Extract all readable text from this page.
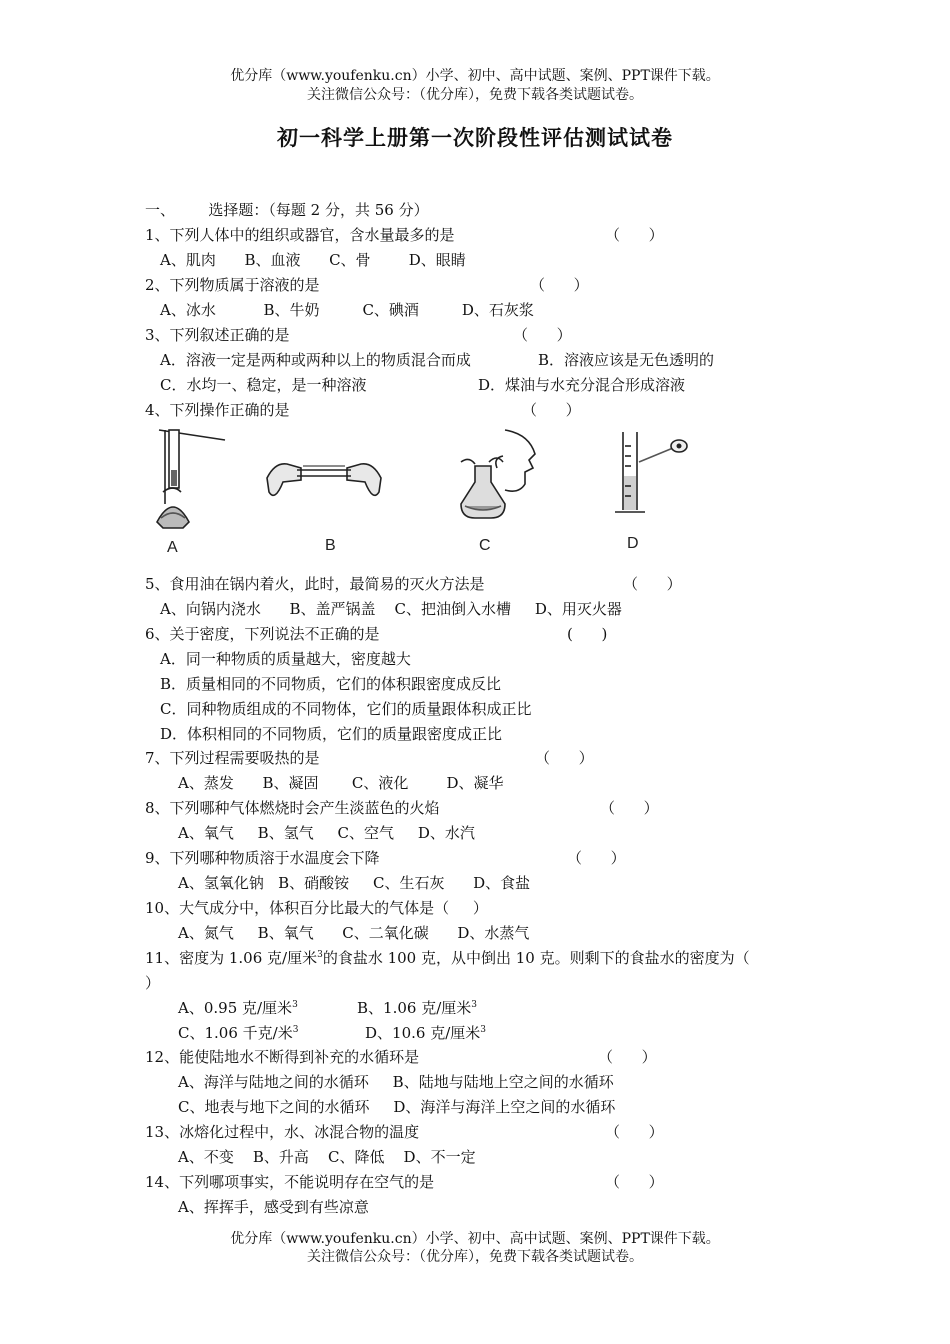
优分库（www.youfenku.cn）小学、初中、高中试题、案例、PPT课件下载。
关注微信公众号：（优分库），免费下载各类试题试卷。
初一科学上册第一次阶段性评估测试试卷
一、       选择题：（每题 2 分，共 56 分）
1、下列人体中的组织或器官，含水量最多的是	（      ）
A、肌肉      B、血液      C、骨        D、眼睛
2、下列物质属于溶液的是	（      ）
A、冰水          B、牛奶         C、碘酒         D、石灰浆
3、下列叙述正确的是	（      ）
A．溶液一定是两种或两种以上的物质混合而成	B．溶液应该是无色透明的
C．水均一、稳定，是一种溶液	D．煤油与水充分混合形成溶液
4、下列操作正确的是	（      ）
A	B	C	D
5、食用油在锅内着火，此时，最简易的灭火方法是	（      ）
A、向锅内浇水      B、盖严锅盖    C、把油倒入水槽     D、用灭火器
6、关于密度，下列说法不正确的是	(      )
A．同一种物质的质量越大，密度越大
B．质量相同的不同物质，它们的体积跟密度成反比
C．同种物质组成的不同物体，它们的质量跟体积成正比
D．体积相同的不同物质，它们的质量跟密度成正比
7、下列过程需要吸热的是	（      ）
A、蒸发      B、凝固       C、液化        D、凝华
8、下列哪种气体燃烧时会产生淡蓝色的火焰	（      ）
A、氧气     B、氢气     C、空气     D、水汽
9、下列哪种物质溶于水温度会下降	（      ）
A、氢氧化钠   B、硝酸铵     C、生石灰      D、食盐
10、大气成分中，体积百分比最大的气体是（     ）
A、氮气     B、氧气      C、二氧化碳      D、水蒸气
11、密度为 1.06 克/厘米$^3$的食盐水 100 克，从中倒出 10 克。则剩下的食盐水的密度为（
）
A、0.95 克/厘米$^3$	B、1.06 克/厘米$^3$
C、1.06 千克/米$^3$	D、10.6 克/厘米$^3$
12、能使陆地水不断得到补充的水循环是	（      ）
A、海洋与陆地之间的水循环     B、陆地与陆地上空之间的水循环
C、地表与地下之间的水循环     D、海洋与海洋上空之间的水循环
13、冰熔化过程中，水、冰混合物的温度	（      ）
A、不变    B、升高    C、降低    D、不一定
14、下列哪项事实，不能说明存在空气的是	（      ）
A、挥挥手，感受到有些凉意
优分库（www.youfenku.cn）小学、初中、高中试题、案例、PPT课件下载。
关注微信公众号：（优分库），免费下载各类试题试卷。
